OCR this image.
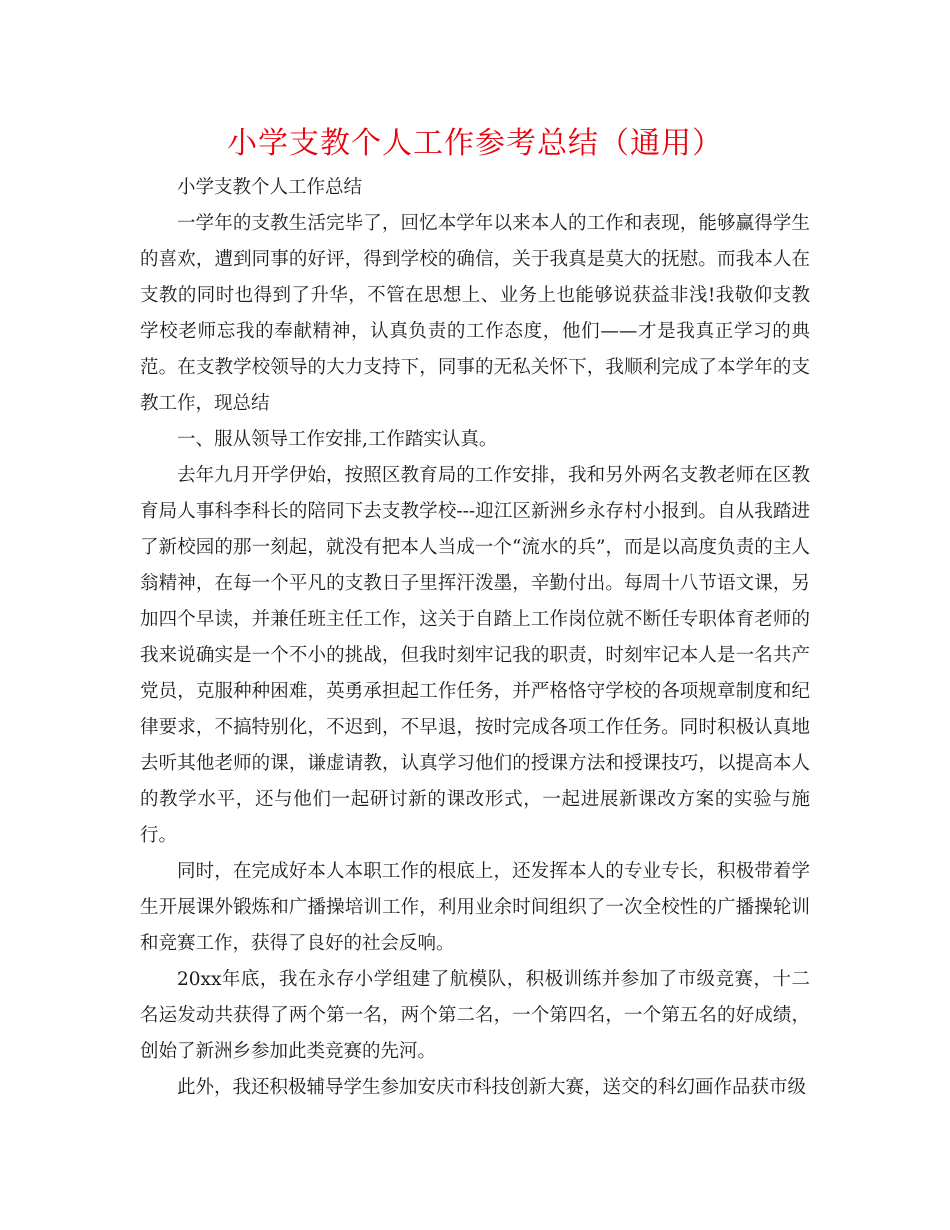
小学支教个人工作参考总结（通用）

小学支教个人工作总结

一学年的支教生活完毕了，回忆本学年以来本人的工作和表现，能够赢得学生的喜欢，遭到同事的好评，得到学校的确信，关于我真是莫大的抚慰。而我本人在支教的同时也得到了升华，不管在思想上、业务上也能够说获益非浅!我敬仰支教学校老师忘我的奉献精神，认真负责的工作态度，他们——才是我真正学习的典范。在支教学校领导的大力支持下，同事的无私关怀下，我顺利完成了本学年的支教工作，现总结

一、服从领导工作安排,工作踏实认真。

去年九月开学伊始，按照区教育局的工作安排，我和另外两名支教老师在区教育局人事科李科长的陪同下去支教学校---迎江区新洲乡永存村小报到。自从我踏进了新校园的那一刻起，就没有把本人当成一个“流水的兵”，而是以高度负责的主人翁精神，在每一个平凡的支教日子里挥汗泼墨，辛勤付出。每周十八节语文课，另加四个早读，并兼任班主任工作，这关于自踏上工作岗位就不断任专职体育老师的我来说确实是一个不小的挑战，但我时刻牢记我的职责，时刻牢记本人是一名共产党员，克服种种困难，英勇承担起工作任务，并严格恪守学校的各项规章制度和纪律要求，不搞特别化，不迟到，不早退，按时完成各项工作任务。同时积极认真地去听其他老师的课，谦虚请教，认真学习他们的授课方法和授课技巧，以提高本人的教学水平，还与他们一起研讨新的课改形式，一起进展新课改方案的实验与施行。

同时，在完成好本人本职工作的根底上，还发挥本人的专业专长，积极带着学生开展课外锻炼和广播操培训工作，利用业余时间组织了一次全校性的广播操轮训和竞赛工作，获得了良好的社会反响。

20xx年底，我在永存小学组建了航模队，积极训练并参加了市级竞赛，十二名运发动共获得了两个第一名，两个第二名，一个第四名，一个第五名的好成绩，创始了新洲乡参加此类竞赛的先河。

此外，我还积极辅导学生参加安庆市科技创新大赛，送交的科幻画作品获市级
